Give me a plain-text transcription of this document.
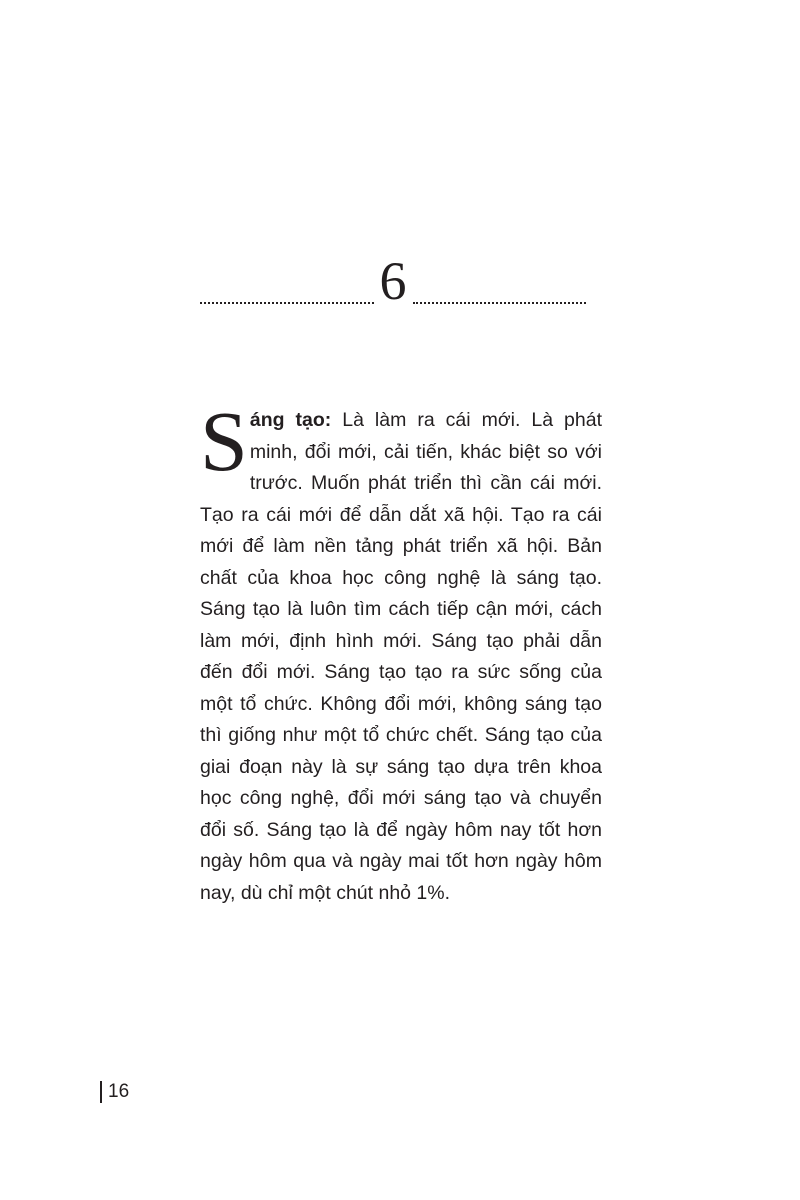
6
Sáng tạo: Là làm ra cái mới. Là phát minh, đổi mới, cải tiến, khác biệt so với trước. Muốn phát triển thì cần cái mới. Tạo ra cái mới để dẫn dắt xã hội. Tạo ra cái mới để làm nền tảng phát triển xã hội. Bản chất của khoa học công nghệ là sáng tạo. Sáng tạo là luôn tìm cách tiếp cận mới, cách làm mới, định hình mới. Sáng tạo phải dẫn đến đổi mới. Sáng tạo tạo ra sức sống của một tổ chức. Không đổi mới, không sáng tạo thì giống như một tổ chức chết. Sáng tạo của giai đoạn này là sự sáng tạo dựa trên khoa học công nghệ, đổi mới sáng tạo và chuyển đổi số. Sáng tạo là để ngày hôm nay tốt hơn ngày hôm qua và ngày mai tốt hơn ngày hôm nay, dù chỉ một chút nhỏ 1%.
16
